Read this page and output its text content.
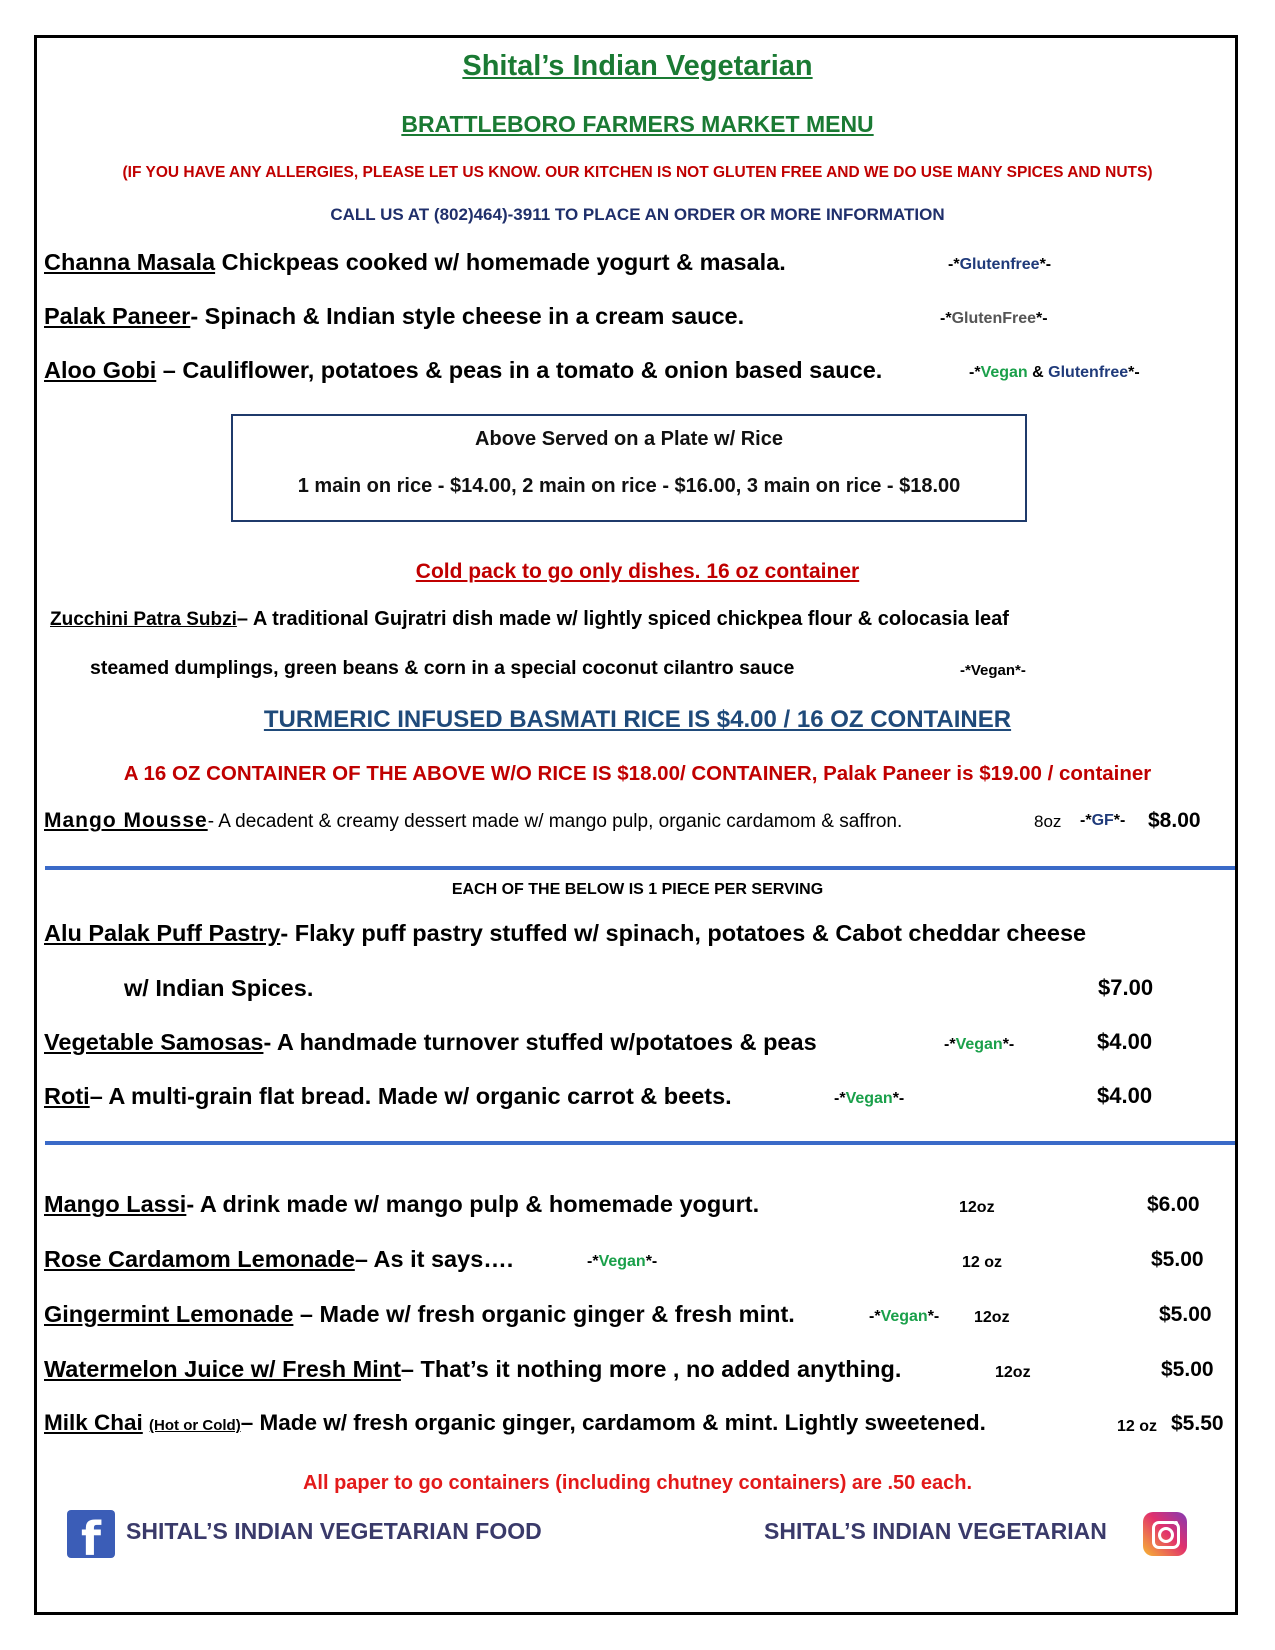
Shital’s Indian Vegetarian
BRATTLEBORO FARMERS MARKET MENU
(IF YOU HAVE ANY ALLERGIES, PLEASE LET US KNOW. OUR KITCHEN IS NOT GLUTEN FREE AND WE DO USE MANY SPICES AND NUTS)
CALL US AT (802)464)-3911 TO PLACE AN ORDER OR MORE INFORMATION
Channa Masala Chickpeas cooked w/ homemade yogurt & masala.	-*Glutenfree*-
Palak Paneer- Spinach & Indian style cheese in a cream sauce.	-*GlutenFree*-
Aloo Gobi – Cauliflower, potatoes & peas in a tomato & onion based sauce.	-*Vegan & Glutenfree*-
Above Served on a Plate w/ Rice
1 main on rice - $14.00, 2 main on rice - $16.00, 3 main on rice - $18.00
Cold pack to go only dishes. 16 oz container
Zucchini Patra Subzi– A traditional Gujratri dish made w/ lightly spiced chickpea flour & colocasia leaf
steamed dumplings, green beans & corn in a special coconut cilantro sauce	-*Vegan*-
TURMERIC INFUSED BASMATI RICE IS $4.00 / 16 OZ CONTAINER
A 16 OZ CONTAINER OF THE ABOVE W/O RICE IS $18.00/ CONTAINER, Palak Paneer is $19.00 / container
Mango Mousse- A decadent & creamy dessert made w/ mango pulp, organic cardamom & saffron.	8oz -*GF*- $8.00
EACH OF THE BELOW IS 1 PIECE PER SERVING
Alu Palak Puff Pastry- Flaky puff pastry stuffed w/ spinach, potatoes & Cabot cheddar cheese
w/ Indian Spices.	$7.00
Vegetable Samosas- A handmade turnover stuffed w/potatoes & peas	-*Vegan*-	$4.00
Roti– A multi-grain flat bread. Made w/ organic carrot & beets.	-*Vegan*-	$4.00
Mango Lassi- A drink made w/ mango pulp & homemade yogurt.	12oz	$6.00
Rose Cardamom Lemonade– As it says….	-*Vegan*-	12 oz	$5.00
Gingermint Lemonade – Made w/ fresh organic ginger & fresh mint.	-*Vegan*- 12oz	$5.00
Watermelon Juice w/ Fresh Mint– That’s it nothing more , no added anything.	12oz	$5.00
Milk Chai (Hot or Cold)– Made w/ fresh organic ginger, cardamom & mint. Lightly sweetened.	12 oz $5.50
All paper to go containers (including chutney containers) are .50 each.
f	SHITAL’S INDIAN VEGETARIAN FOOD	SHITAL’S INDIAN VEGETARIAN
